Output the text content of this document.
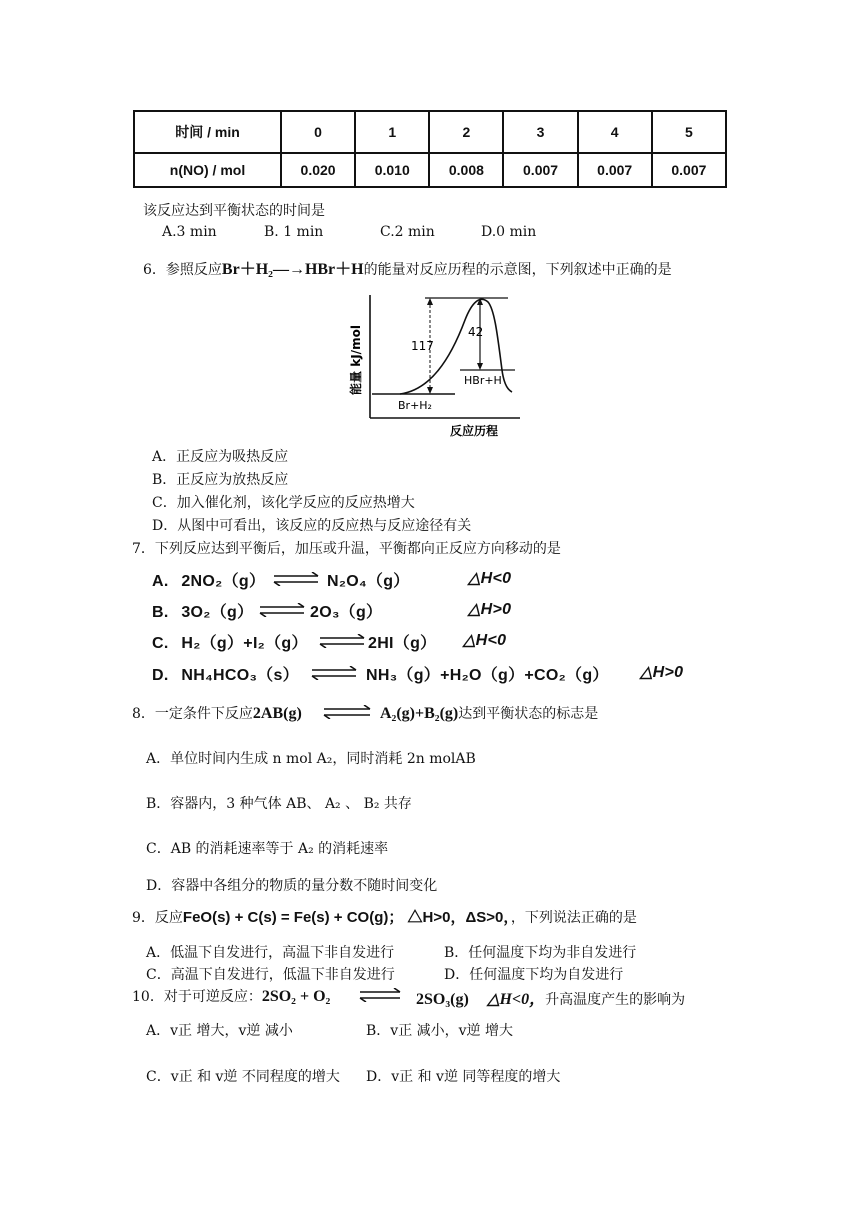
时间 / min	0	1	2	3	4	5
n(NO) / mol	0.020	0.010	0.008	0.007	0.007	0.007
该反应达到平衡状态的时间是
A.3 min	B. 1 min	C.2 min	D.0 min
6．参照反应Br＋H₂—→HBr＋H的能量对反应历程的示意图，下列叙述中正确的是
能量 kJ/mol	117
42
Br+H₂
HBr+H
反应历程
A．正反应为吸热反应
B．正反应为放热反应
C．加入催化剂，该化学反应的反应热增大
D．从图中可看出，该反应的反应热与反应途径有关
7．下列反应达到平衡后，加压或升温，平衡都向正反应方向移动的是
A. 2NO₂（g） ⇌ N₂O₄（g）	△H<0
B. 3O₂（g） ⇌ 2O₃（g）	△H>0
C. H₂（g）+I₂（g） ⇌ 2HI（g） △H<0
D. NH₄HCO₃（s） ⇌ NH₃（g）+H₂O（g）+CO₂（g） △H>0
8．一定条件下反应2AB(g) ⇌ A₂(g)+B₂(g)达到平衡状态的标志是
A．单位时间内生成 n mol A₂，同时消耗 2n molAB
B．容器内，3 种气体 AB、 A₂ 、 B₂ 共存
C．AB 的消耗速率等于 A₂ 的消耗速率
D．容器中各组分的物质的量分数不随时间变化
9．反应FeO(s) + C(s) = Fe(s) + CO(g)； △H>0，ΔS>0，，下列说法正确的是
A．低温下自发进行，高温下非自发进行	B．任何温度下均为非自发进行
C．高温下自发进行，低温下非自发进行	D．任何温度下均为自发进行
10．对于可逆反应：2SO₂ + O₂ ⇌ 2SO₃(g) △H<0，升高温度产生的影响为
A．v正 增大，v逆 减小	B．v正 减小，v逆 增大
C．v正 和 v逆 不同程度的增大 D．v正 和 v逆 同等程度的增大
